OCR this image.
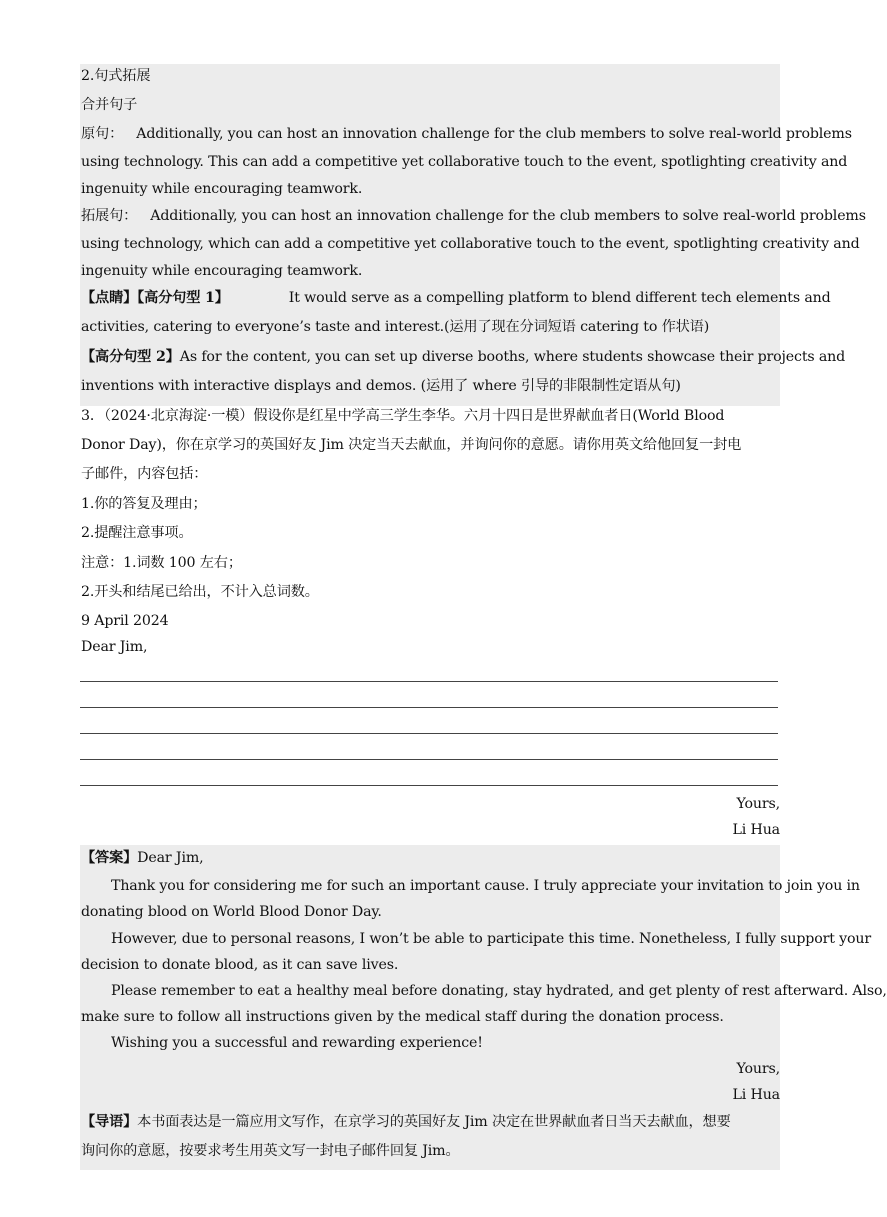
2.句式拓展
合并句子
原句： Additionally, you can host an innovation challenge for the club members to solve real-world problems
using technology. This can add a competitive yet collaborative touch to the event, spotlighting creativity and
ingenuity while encouraging teamwork.
拓展句： Additionally, you can host an innovation challenge for the club members to solve real-world problems
using technology, which can add a competitive yet collaborative touch to the event, spotlighting creativity and
ingenuity while encouraging teamwork.
【点睛】【高分句型 1】	It would serve as a compelling platform to blend different tech elements and
activities, catering to everyone’s taste and interest.(运用了现在分词短语 catering to 作状语)
【高分句型 2】As for the content, you can set up diverse booths, where students showcase their projects and
inventions with interactive displays and demos. (运用了 where 引导的非限制性定语从句)
3．（2024·北京海淀·一模）假设你是红星中学高三学生李华。六月十四日是世界献血者日(World Blood
Donor Day)，你在京学习的英国好友 Jim 决定当天去献血，并询问你的意愿。请你用英文给他回复一封电
子邮件，内容包括：
1.你的答复及理由；
2.提醒注意事项。
注意：1.词数 100 左右；
2.开头和结尾已给出，不计入总词数。
9 April 2024
Dear Jim,
Yours,
Li Hua
【答案】Dear Jim,
Thank you for considering me for such an important cause. I truly appreciate your invitation to join you in
donating blood on World Blood Donor Day.
However, due to personal reasons, I won’t be able to participate this time. Nonetheless, I fully support your
decision to donate blood, as it can save lives.
Please remember to eat a healthy meal before donating, stay hydrated, and get plenty of rest afterward. Also,
make sure to follow all instructions given by the medical staff during the donation process.
Wishing you a successful and rewarding experience!
Yours,
Li Hua
【导语】本书面表达是一篇应用文写作，在京学习的英国好友 Jim 决定在世界献血者日当天去献血，想要
询问你的意愿，按要求考生用英文写一封电子邮件回复 Jim。
